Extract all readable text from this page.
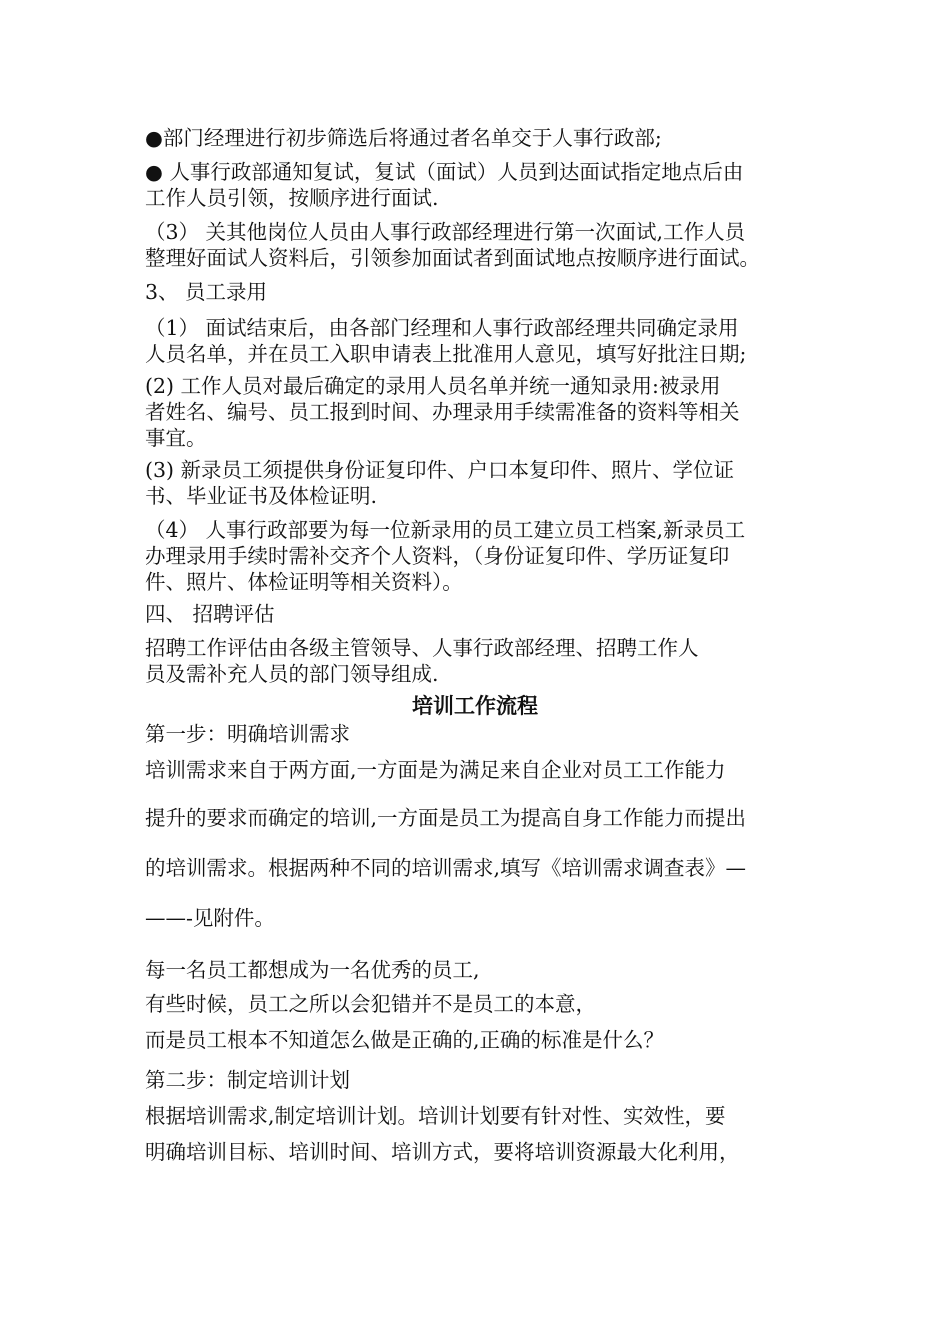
培训工作流程
●部门经理进行初步筛选后将通过者名单交于人事行政部;
● 人事行政部通知复试，复试（面试）人员到达面试指定地点后由
工作人员引领，按顺序进行面试.
（3） 关其他岗位人员由人事行政部经理进行第一次面试,工作人员
整理好面试人资料后，引领参加面试者到面试地点按顺序进行面试。
3、 员工录用
（1） 面试结束后，由各部门经理和人事行政部经理共同确定录用
人员名单，并在员工入职申请表上批准用人意见，填写好批注日期;
(2) 工作人员对最后确定的录用人员名单并统一通知录用:被录用
者姓名、编号、员工报到时间、办理录用手续需准备的资料等相关
事宜。
(3) 新录员工须提供身份证复印件、户口本复印件、照片、学位证
书、毕业证书及体检证明.
（4） 人事行政部要为每一位新录用的员工建立员工档案,新录员工
办理录用手续时需补交齐个人资料，（身份证复印件、学历证复印
件、照片、体检证明等相关资料）。
四、 招聘评估
招聘工作评估由各级主管领导、人事行政部经理、招聘工作人
员及需补充人员的部门领导组成.
第一步：明确培训需求
培训需求来自于两方面,一方面是为满足来自企业对员工工作能力
提升的要求而确定的培训,一方面是员工为提高自身工作能力而提出
的培训需求。根据两种不同的培训需求,填写《培训需求调查表》—
——-见附件。
每一名员工都想成为一名优秀的员工,
有些时候，员工之所以会犯错并不是员工的本意，
而是员工根本不知道怎么做是正确的,正确的标准是什么？
第二步：制定培训计划
根据培训需求,制定培训计划。培训计划要有针对性、实效性，要
明确培训目标、培训时间、培训方式，要将培训资源最大化利用，
